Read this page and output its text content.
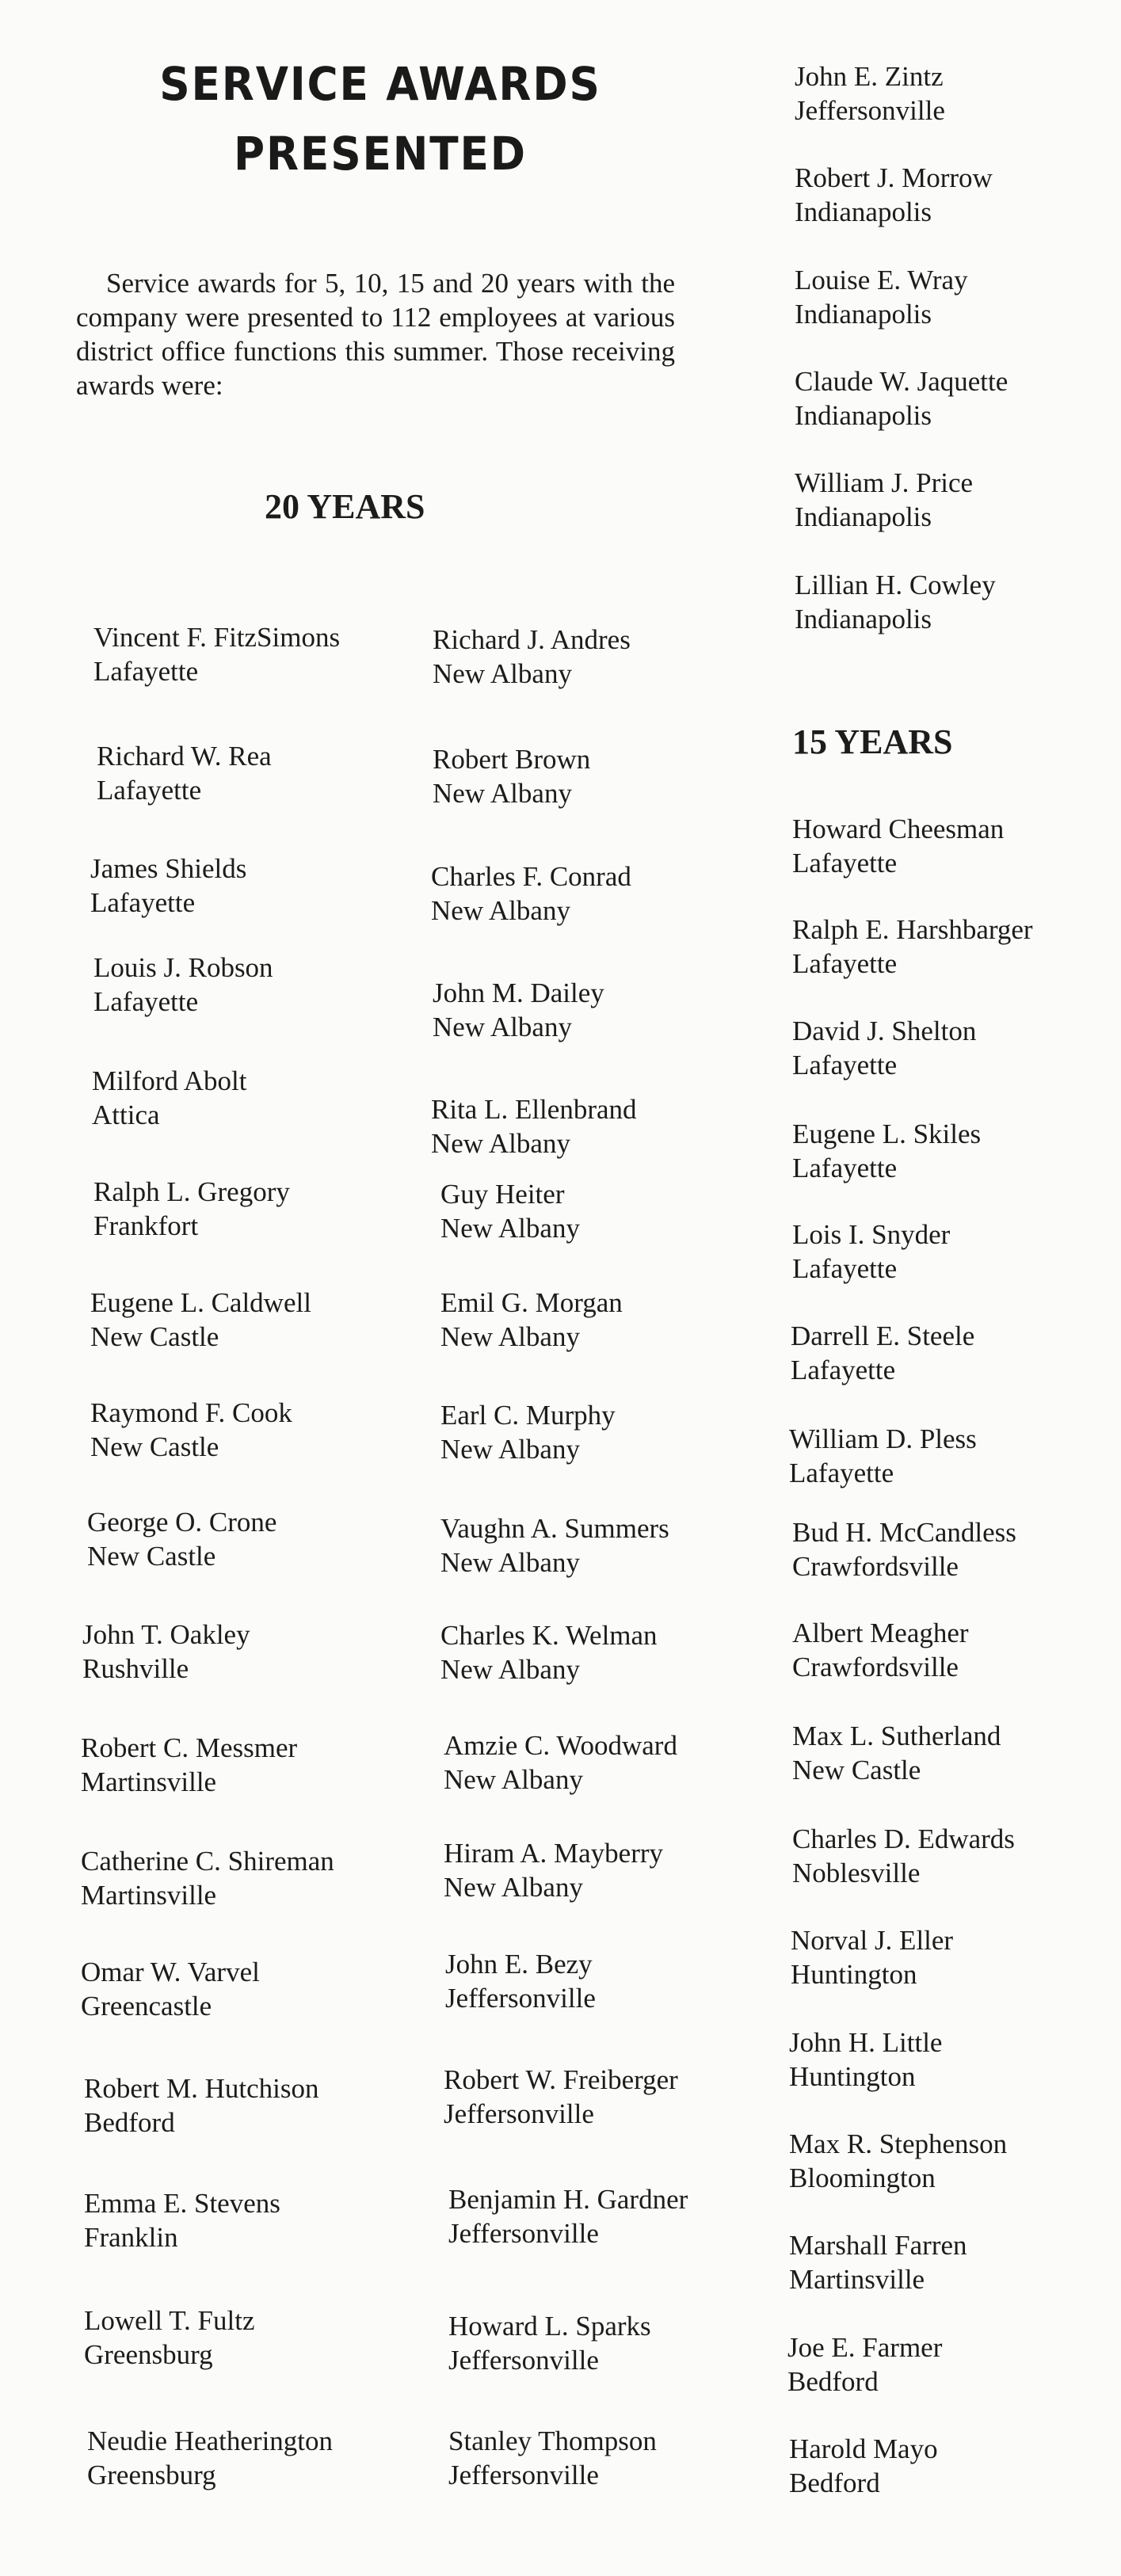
SERVICE AWARDS
PRESENTED

Service awards for 5, 10, 15 and 20 years with the company were presented to 112 employees at various district office functions this summer. Those receiving awards were:

20 YEARS
15 YEARS
Vincent F. FitzSimons
Lafayette
Richard W. Rea
Lafayette
James Shields
Lafayette
Louis J. Robson
Lafayette
Milford Abolt
Attica
Ralph L. Gregory
Frankfort
Eugene L. Caldwell
New Castle
Raymond F. Cook
New Castle
George O. Crone
New Castle
John T. Oakley
Rushville
Robert C. Messmer
Martinsville
Catherine C. Shireman
Martinsville
Omar W. Varvel
Greencastle
Robert M. Hutchison
Bedford
Emma E. Stevens
Franklin
Lowell T. Fultz
Greensburg
Neudie Heatherington
Greensburg
Richard J. Andres
New Albany
Robert Brown
New Albany
Charles F. Conrad
New Albany
John M. Dailey
New Albany
Rita L. Ellenbrand
New Albany
Guy Heiter
New Albany
Emil G. Morgan
New Albany
Earl C. Murphy
New Albany
Vaughn A. Summers
New Albany
Charles K. Welman
New Albany
Amzie C. Woodward
New Albany
Hiram A. Mayberry
New Albany
John E. Bezy
Jeffersonville
Robert W. Freiberger
Jeffersonville
Benjamin H. Gardner
Jeffersonville
Howard L. Sparks
Jeffersonville
Stanley Thompson
Jeffersonville
John E. Zintz
Jeffersonville
Robert J. Morrow
Indianapolis
Louise E. Wray
Indianapolis
Claude W. Jaquette
Indianapolis
William J. Price
Indianapolis
Lillian H. Cowley
Indianapolis
Howard Cheesman
Lafayette
Ralph E. Harshbarger
Lafayette
David J. Shelton
Lafayette
Eugene L. Skiles
Lafayette
Lois I. Snyder
Lafayette
Darrell E. Steele
Lafayette
William D. Pless
Lafayette
Bud H. McCandless
Crawfordsville
Albert Meagher
Crawfordsville
Max L. Sutherland
New Castle
Charles D. Edwards
Noblesville
Norval J. Eller
Huntington
John H. Little
Huntington
Max R. Stephenson
Bloomington
Marshall Farren
Martinsville
Joe E. Farmer
Bedford
Harold Mayo
Bedford
